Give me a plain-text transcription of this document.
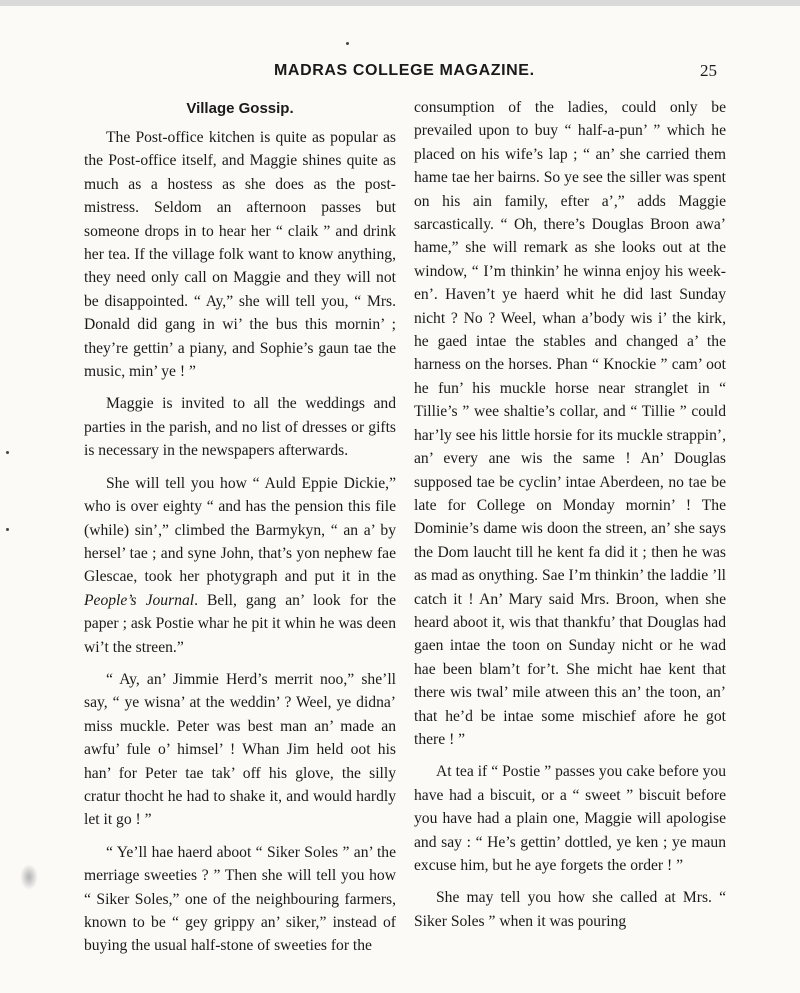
MADRAS COLLEGE MAGAZINE.	25
Village Gossip.

The Post-office kitchen is quite as popular as the Post-office itself, and Maggie shines quite as much as a hostess as she does as the post-mistress. Seldom an afternoon passes but someone drops in to hear her “ claik ” and drink her tea. If the village folk want to know anything, they need only call on Maggie and they will not be disappointed. “ Ay,” she will tell you, “ Mrs. Donald did gang in wi’ the bus this mornin’ ; they’re gettin’ a piany, and Sophie’s gaun tae the music, min’ ye ! ”

Maggie is invited to all the weddings and parties in the parish, and no list of dresses or gifts is necessary in the newspapers afterwards.

She will tell you how “ Auld Eppie Dickie,” who is over eighty “ and has the pension this file (while) sin’,” climbed the Barmykyn, “ an a’ by hersel’ tae ; and syne John, that’s yon nephew fae Glescae, took her photygraph and put it in the People’s Journal. Bell, gang an’ look for the paper ; ask Postie whar he pit it whin he was deen wi’t the streen.”

“ Ay, an’ Jimmie Herd’s merrit noo,” she’ll say, “ ye wisna’ at the weddin’ ? Weel, ye didna’ miss muckle. Peter was best man an’ made an awfu’ fule o’ himsel’ ! Whan Jim held oot his han’ for Peter tae tak’ off his glove, the silly cratur thocht he had to shake it, and would hardly let it go ! ”

“ Ye’ll hae haerd aboot “ Siker Soles ” an’ the merriage sweeties ? ” Then she will tell you how “ Siker Soles,” one of the neighbouring farmers, known to be “ gey grippy an’ siker,” instead of buying the usual half-stone of sweeties for the

consumption of the ladies, could only be prevailed upon to buy “ half-a-pun’ ” which he placed on his wife’s lap ; “ an’ she carried them hame tae her bairns. So ye see the siller was spent on his ain family, efter a’,” adds Maggie sarcastically. “ Oh, there’s Douglas Broon awa’ hame,” she will remark as she looks out at the window, “ I’m thinkin’ he winna enjoy his week-en’. Haven’t ye haerd whit he did last Sunday nicht ? No ? Weel, whan a’body wis i’ the kirk, he gaed intae the stables and changed a’ the harness on the horses. Phan “ Knockie ” cam’ oot he fun’ his muckle horse near stranglet in “ Tillie’s ” wee shaltie’s collar, and “ Tillie ” could har’ly see his little horsie for its muckle strappin’, an’ every ane wis the same ! An’ Douglas supposed tae be cyclin’ intae Aberdeen, no tae be late for College on Monday mornin’ ! The Dominie’s dame wis doon the streen, an’ she says the Dom laucht till he kent fa did it ; then he was as mad as onything. Sae I’m thinkin’ the laddie ’ll catch it ! An’ Mary said Mrs. Broon, when she heard aboot it, wis that thankfu’ that Douglas had gaen intae the toon on Sunday nicht or he wad hae been blam’t for’t. She micht hae kent that there wis twal’ mile atween this an’ the toon, an’ that he’d be intae some mischief afore he got there ! ”

At tea if “ Postie ” passes you cake before you have had a biscuit, or a “ sweet ” biscuit before you have had a plain one, Maggie will apologise and say : “ He’s gettin’ dottled, ye ken ; ye maun excuse him, but he aye forgets the order ! ”

She may tell you how she called at Mrs. “ Siker Soles ” when it was pouring
